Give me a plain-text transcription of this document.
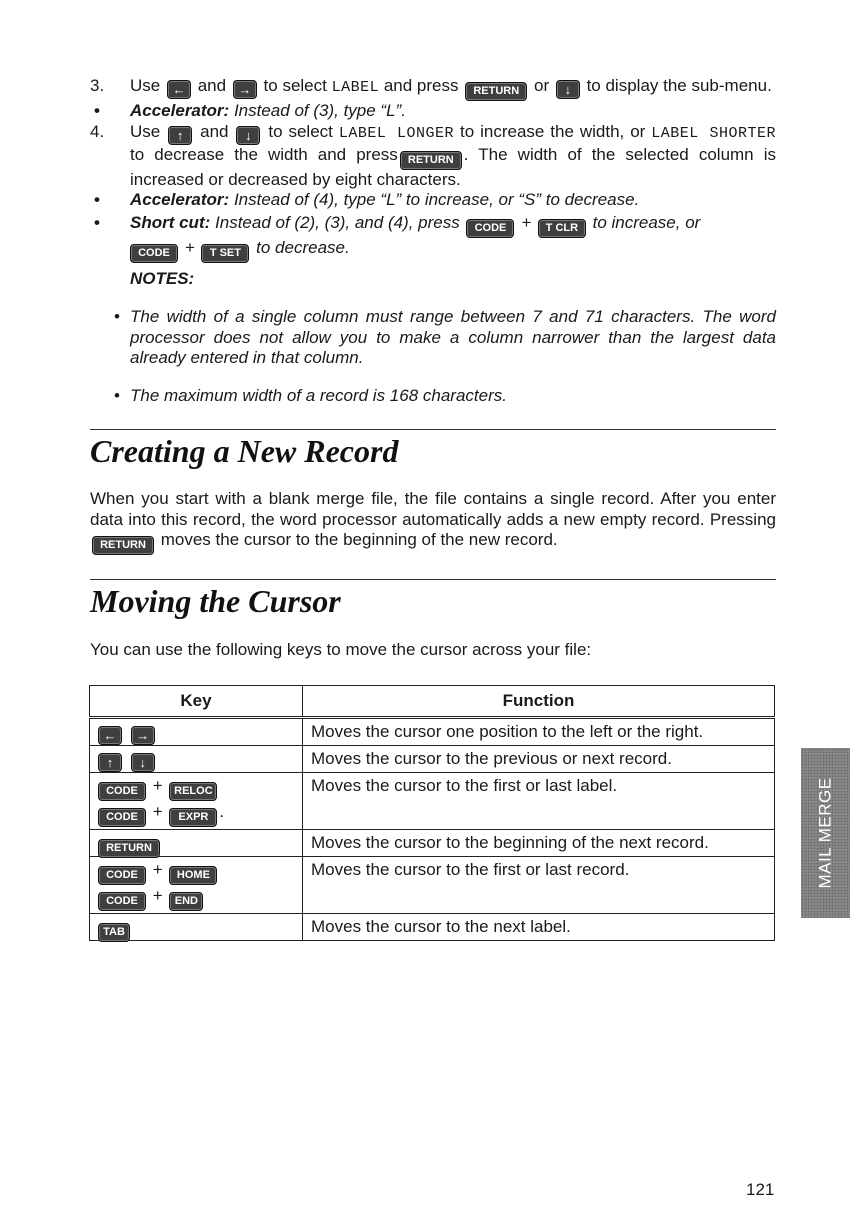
3. Use ← and → to select LABEL and press RETURN or ↓ to display the sub-menu.

• Accelerator: Instead of (3), type “L”.

4. Use ↑ and ↓ to select LABEL LONGER to increase the width, or LABEL SHORTER to decrease the width and press RETURN . The width of the selected column is increased or decreased by eight characters.

• Accelerator: Instead of (4), type “L” to increase, or “S” to decrease.

• Short cut: Instead of (2), (3), and (4), press CODE + T CLR to increase, or
CODE + T SET to decrease.

NOTES:

• The width of a single column must range between 7 and 71 characters. The word processor does not allow you to make a column narrower than the largest data already entered in that column.

• The maximum width of a record is 168 characters.

Creating a New Record

When you start with a blank merge file, the file contains a single record. After you enter data into this record, the word processor automatically adds a new empty record. Pressing RETURN moves the cursor to the beginning of the new record.

Moving the Cursor

You can use the following keys to move the cursor across your file:

Key	Function

← →	Moves the cursor one position to the left or the right.

↑ ↓	Moves the cursor to the previous or next record.

CODE + RELOC
CODE + EXPR .	Moves the cursor to the first or last label.

RETURN	Moves the cursor to the beginning of the next record.

CODE + HOME
CODE + END	Moves the cursor to the first or last record.

TAB	Moves the cursor to the next label.
MAIL MERGE
121
